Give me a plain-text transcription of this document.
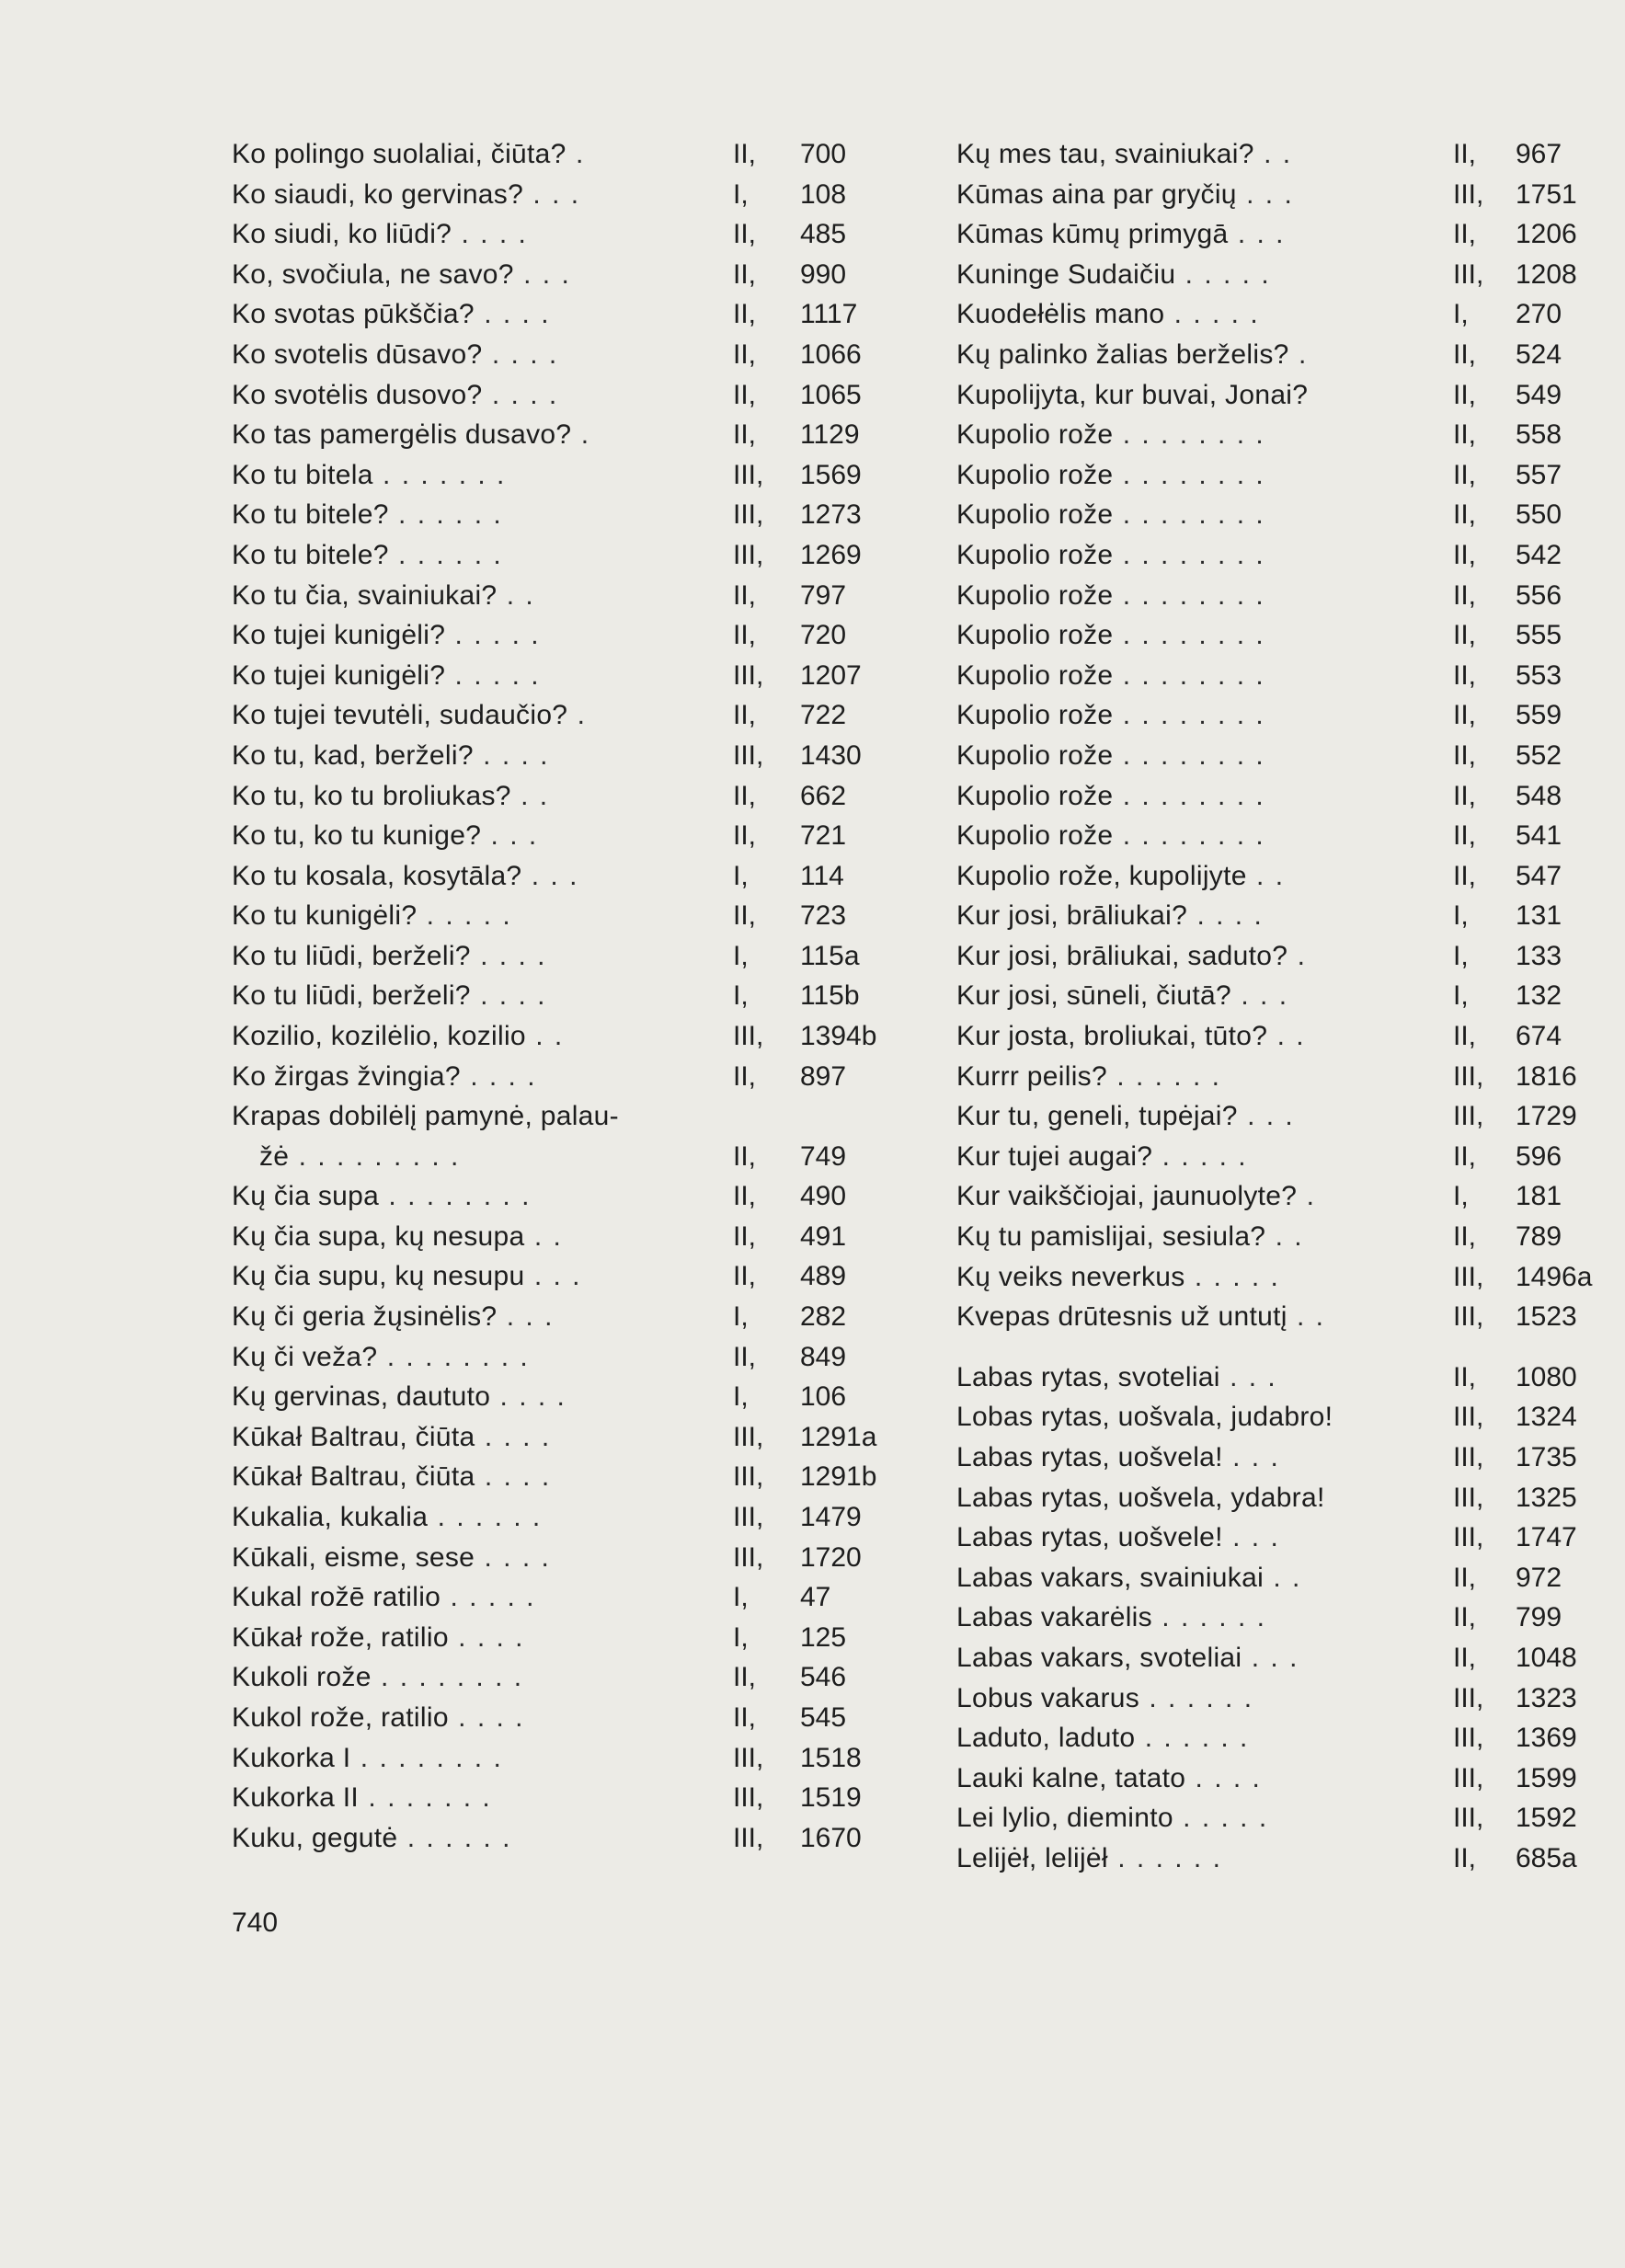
Ko polingo suolaliai, čiūta? .	II, 700
Ko siaudi, ko gervinas? . . .	I, 108
Ko siudi, ko liūdi? . . . .	II, 485
Ko, svočiula, ne savo? . . .	II, 990
Ko svotas pūkščia? . . . .	II, 1117
Ko svotelis dūsavo? . . . .	II, 1066
Ko svotėlis dusovo? . . . .	II, 1065
Ko tas pamergėlis dusavo? .	II, 1129
Ko tu bitela . . . . . . .	III, 1569
Ko tu bitele? . . . . . .	III, 1273
Ko tu bitele? . . . . . .	III, 1269
Ko tu čia, svainiukai? . .	II, 797
Ko tujei kunigėli? . . . . .	II, 720
Ko tujei kunigėli? . . . . .	III, 1207
Ko tujei tevutėli, sudaučio? .	II, 722
Ko tu, kad, berželi? . . . .	III, 1430
Ko tu, ko tu broliukas? . .	II, 662
Ko tu, ko tu kunige? . . .	II, 721
Ko tu kosala, kosytāla? . . .	I, 114
Ko tu kunigėli? . . . . .	II, 723
Ko tu liūdi, berželi? . . . .	I, 115a
Ko tu liūdi, berželi? . . . .	I, 115b
Kozilio, kozilėlio, kozilio . .	III, 1394b
Ko žirgas žvingia? . . . .	II, 897
Krapas dobilėlį pamynė, palau-
žė . . . . . . . . .	II, 749
Kų čia supa . . . . . . . .	II, 490
Kų čia supa, kų nesupa . .	II, 491
Kų čia supu, kų nesupu . . .	II, 489
Kų či geria žųsinėlis? . . .	I, 282
Kų či veža? . . . . . . . .	II, 849
Kų gervinas, daututo . . . .	I, 106
Kūkał Baltrau, čiūta . . . .	III, 1291a
Kūkał Baltrau, čiūta . . . .	III, 1291b
Kukalia, kukalia . . . . . .	III, 1479
Kūkali, eisme, sese . . . .	III, 1720
Kukal rožē ratilio . . . . .	I, 47
Kūkał rože, ratilio . . . .	I, 125
Kukoli rože . . . . . . . .	II, 546
Kukol rože, ratilio . . . .	II, 545
Kukorka I . . . . . . . .	III, 1518
Kukorka II . . . . . . .	III, 1519
Kuku, gegutė . . . . . .	III, 1670
Kų mes tau, svainiukai? . .	II, 967
Kūmas aina par gryčių . . .	III, 1751
Kūmas kūmų primygā . . .	II, 1206
Kuninge Sudaičiu . . . . .	III, 1208
Kuodełėlis mano . . . . .	I, 270
Kų palinko žalias berželis? .	II, 524
Kupolijyta, kur buvai, Jonai?	II, 549
Kupolio rože . . . . . . . .	II, 558
Kupolio rože . . . . . . . .	II, 557
Kupolio rože . . . . . . . .	II, 550
Kupolio rože . . . . . . . .	II, 542
Kupolio rože . . . . . . . .	II, 556
Kupolio rože . . . . . . . .	II, 555
Kupolio rože . . . . . . . .	II, 553
Kupolio rože . . . . . . . .	II, 559
Kupolio rože . . . . . . . .	II, 552
Kupolio rože . . . . . . . .	II, 548
Kupolio rože . . . . . . . .	II, 541
Kupolio rože, kupolijyte . .	II, 547
Kur josi, brāliukai? . . . .	I, 131
Kur josi, brāliukai, saduto? .	I, 133
Kur josi, sūneli, čiutā? . . .	I, 132
Kur josta, broliukai, tūto? . .	II, 674
Kurrr peilis? . . . . . .	III, 1816
Kur tu, geneli, tupėjai? . . .	III, 1729
Kur tujei augai? . . . . .	II, 596
Kur vaikščiojai, jaunuolyte? .	I, 181
Kų tu pamislijai, sesiula? . .	II, 789
Kų veiks neverkus . . . . .	III, 1496a
Kvepas drūtesnis už untutį . .	III, 1523
Labas rytas, svoteliai . . .	II, 1080
Lobas rytas, uošvala, judabro!	III, 1324
Labas rytas, uošvela! . . .	III, 1735
Labas rytas, uošvela, ydabra!	III, 1325
Labas rytas, uošvele! . . .	III, 1747
Labas vakars, svainiukai . .	II, 972
Labas vakarėlis . . . . . .	II, 799
Labas vakars, svoteliai . . .	II, 1048
Lobus vakarus . . . . . .	III, 1323
Laduto, laduto . . . . . .	III, 1369
Lauki kalne, tatato . . . .	III, 1599
Lei lylio, dieminto . . . . .	III, 1592
Lelijėł, lelijėł . . . . . .	II, 685a
740
